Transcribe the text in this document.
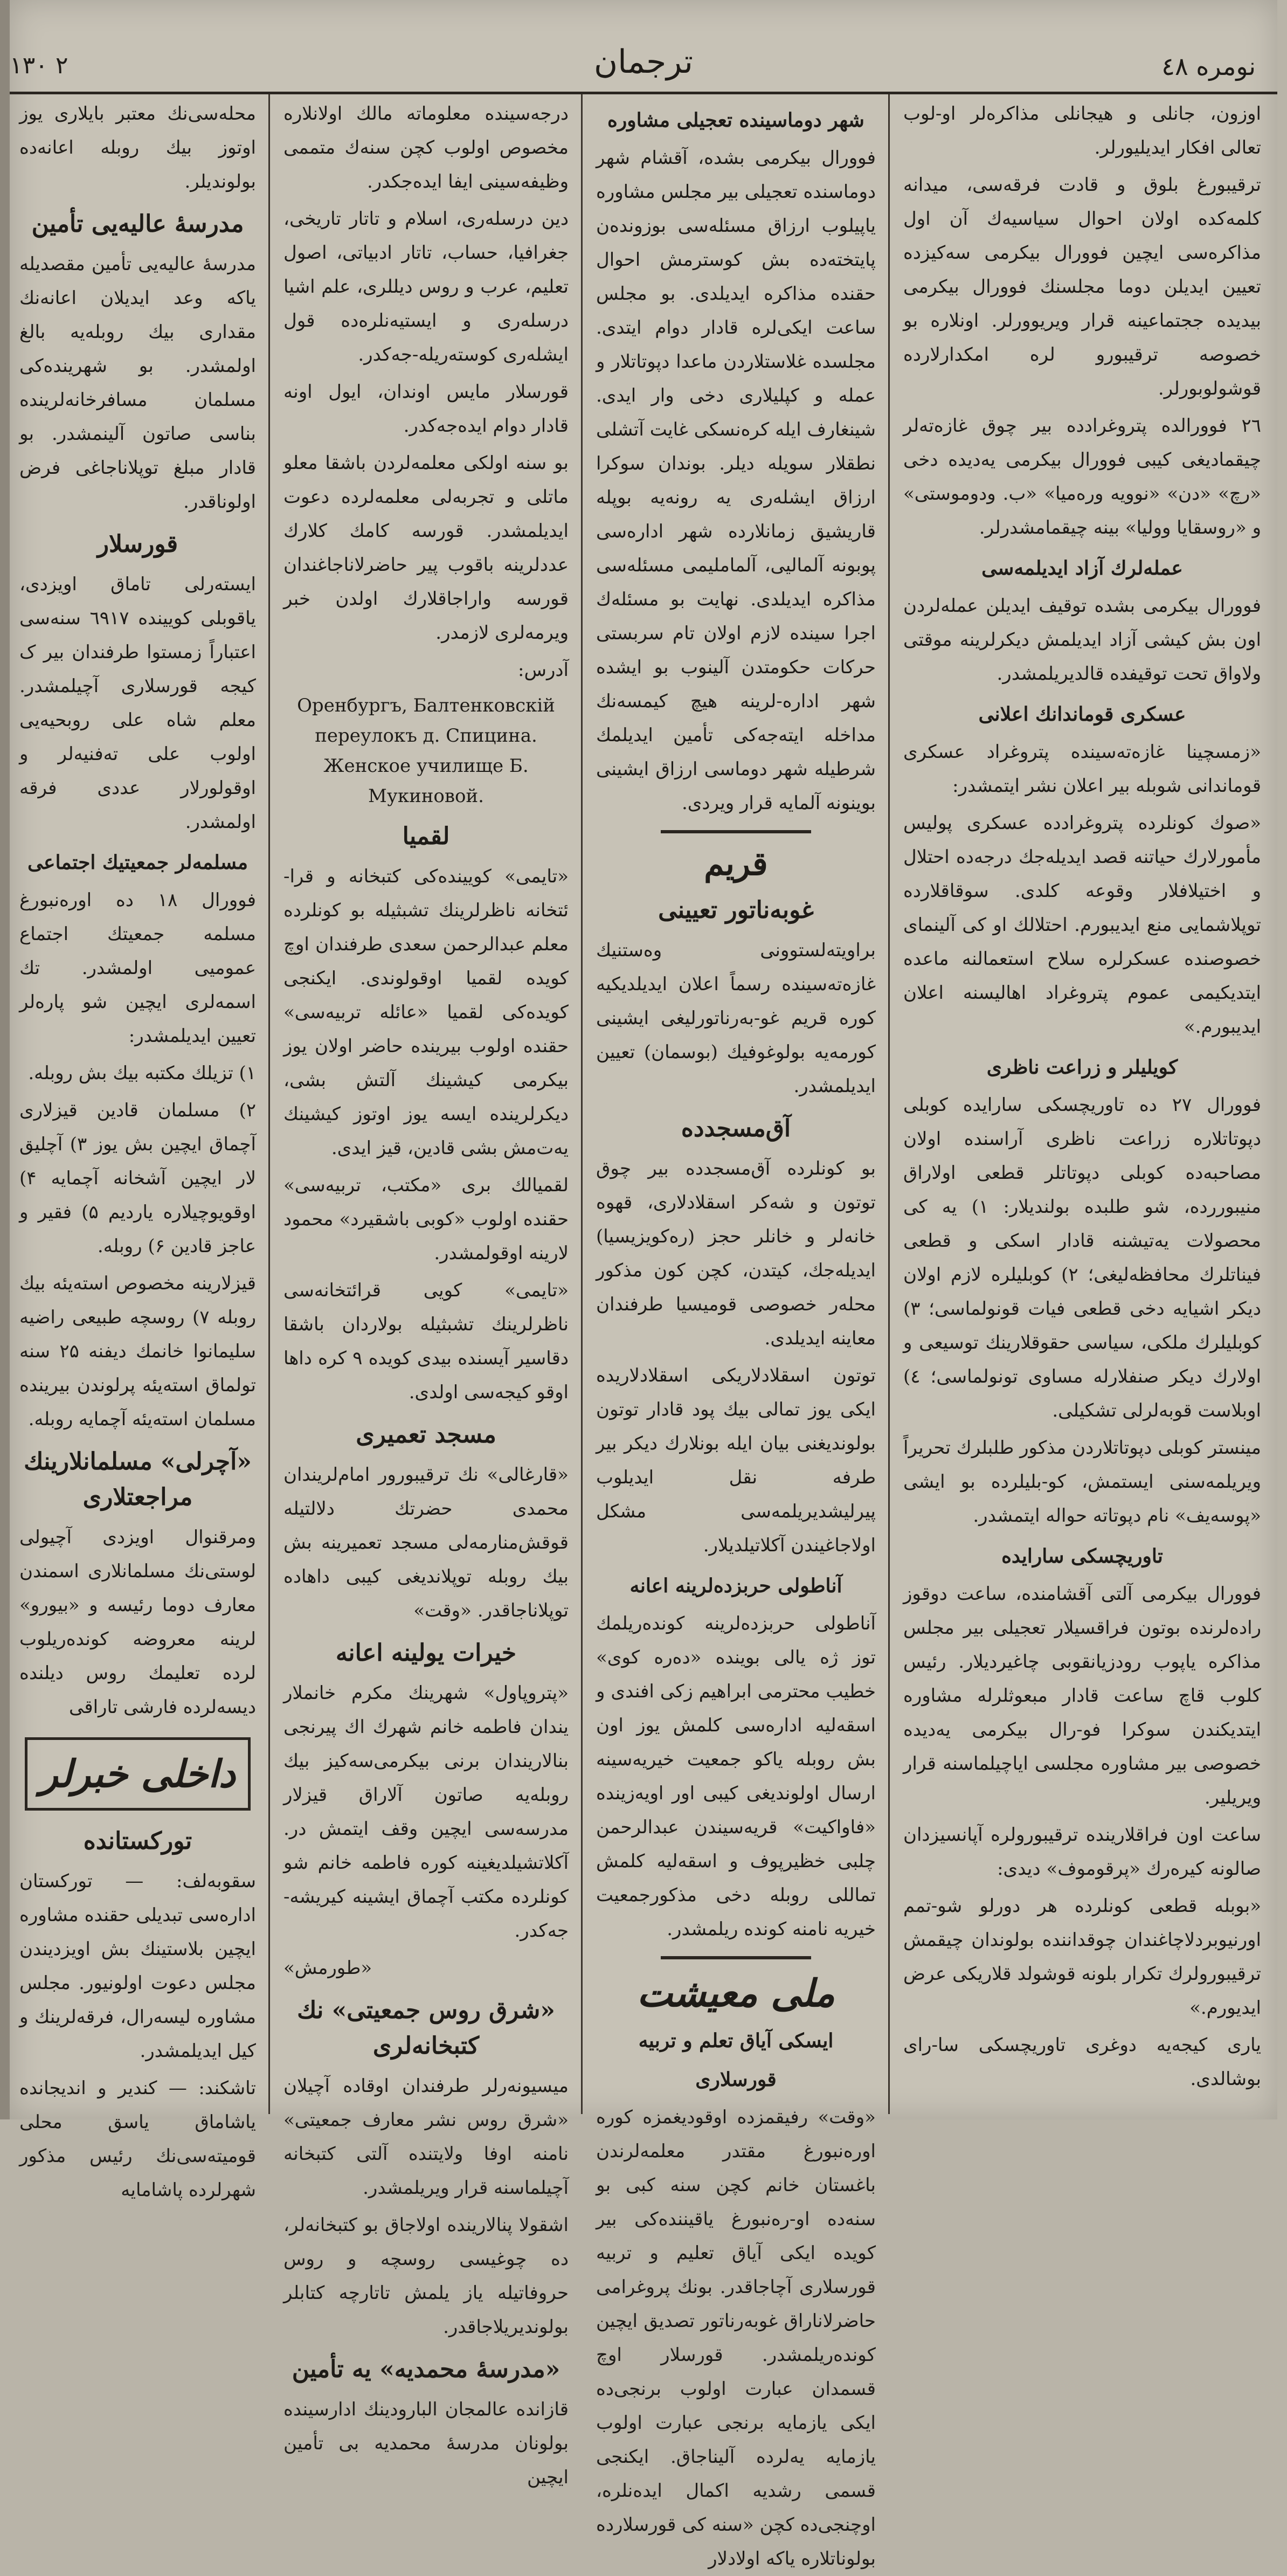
۲ ۱۳۰	ترجمان	نومره ٤٨

اوزون، جانلی و هیجانلی مذاکره‌لر او-لوب تعالی افکار ایدیلیورلر.

ترقیبورغ بلوق و قادت فرقه‌سی، میدانه کلمه‌کده اولان احوال سیاسیه‌ك آن اول مذاکره‌سی ایچین فوورال بیکرمی سه‌کیزده تعیین ایدیلن دوما مجلسنك فوورال بیکرمی بیدیده ججتماعینه قرار ویریوورلر. اونلاره بو خصوصه ترقیبورو لره امکدارلارده قوشولوبورلر.

۲٦ فوورالده پتروغرادده بیر چوق غازه‌ته‌لر چیقمادیغی کیبی فوورال بیکرمی یه‌دیده دخی «رچ» «دن» «نوو‌یه وره‌میا» «ب. ودوموستی» و «روسقایا وولیا» بینه چیقمامشدرلر.

عمله‌لرك آزاد ایدیلمه‌سی

فوورال بیکرمی بشده توقیف ایدیلن عمله‌لردن اون بش کیشی آزاد ایدیلمش دیکرلرینه موقتی ولاواق تحت توقیفده قالدیریلمشدر.

عسکری قوماندانك اعلانی

«زمسچینا غازه‌ته‌سینده پتروغراد عسکری قوماندانی شوبله بیر اعلان نشر ایتمشدر:

«صوك کونلرده پتروغراد‌ده عسکری پولیس مأمورلارك حیاتنه قصد ایدیله‌جك درجه‌ده احتلال و اختیلافلار وقوعه کلدی. سوقاقلارده توپلاشمایی منع ایدیبورم. احتلالك او کی آلینمای خصوصنده عسکرلره سلاح استعمالنه ماعده ایتدیکیمی عموم پتروغراد اهالیسنه اعلان ایدیبورم.»

کویلیلر و زراعت ناظری

فوورال ۲۷ ده تاوریچسکی سارایده کوبلی دپوتاتلاره زراعت ناظری آراسنده اولان مصاحبه‌ده کوبلی دپوتاتلر قطعی اولاراق منیبوررده، شو طلبده بولندیلار: ۱) یه کی محصولات یه‌تیشنه قادار اسکی و قطعی فیناتلرك محافظه‌لیغی؛ ۲) کوبلیلره لازم اولان دیکر اشیایه دخی قطعی فیات قونولماسی؛ ۳) کوبلیلرك ملکی، سیاسی حقوقلارینك توسیعی و اولارك دیکر صنفلارله مساوی تونولماسی؛ ٤) اوبلاست قوبه‌لرلی تشکیلی.

مینستر کوبلی دپوتاتلاردن مذکور طلبلرك تحریراً ویریلمه‌سنی ایستمش، کو-بلیلرده بو ایشی «پوسه‌یف» نام دپوتاته حواله ایتمشدر.

تاوریچسکی سارایده

فوورال بیکرمی آلتی آقشامنده، ساعت دوقوز راده‌لرنده بوتون فراقسیلار تعجیلی بیر مجلس مذاکره یاپوب رودزیانقوبی چاغیردیلار. رئیس کلوب قاچ ساعت قادار مبعوثلرله مشاوره ایتدیکندن سوکرا فو-رال بیکرمی یه‌دیده خصوصی بیر مشاوره مجلسی ایاچیلماسنه قرار ویریلیر.

ساعت اون فراقلارینده ترقیبورولره آپانسیزدان صالونه کیره‌رك «پرقوموف» دیدی:

«بوبله قطعی کونلرده هر دورلو شو-تمم اورنیوبردلاچاغندان چوقداننده بولوندان چیقمش ترقیبورولرك تکرار بلونه قوشولد قلاریکی عرض ایدیورم.»

یاری کیجه‌یه دوغری تاوریچسکی سا-رای بوشالدی.

شهر دوماسینده تعجیلی مشاوره

فوورال بیکرمی بشده، آقشام شهر دوماسنده تعجیلی بیر مجلس مشاوره یاپیلوب ارزاق مسئله‌سی بوزونده‌ن پایتخته‌ده بش کوسترمش احوال حقنده مذاکره ایدیلدی. بو مجلس ساعت ایکی‌لره قادار دوام ایتدی. مجلسده غلاستلاردن ماعدا دپوتاتلار و عمله و کپلیلاری دخی وار ایدی. شینغارف ایله کره‌نسکی غایت آتشلی نطقلار سویله دیلر. بوندان سوکرا ارزاق ایشله‌ری یه رونه‌یه بوپله قاریشیق زمانلارده شهر اداره‌سی پوبونه آلمالیی، آلماملیمی مسئله‌سی مذاکره ایدیلدی. نهایت بو مسئله‌ك اجرا سینده لازم اولان تام سربستی حرکات حکومتدن آلینوب بو ایشده شهر اداره-لرینه هیچ کیمسه‌نك مداخله ایته‌جه‌کی تأمین ایدیلمك شرطیله شهر دوماسی ارزاق ایشینی بوینونه آلمایه قرار ویردی.

قریم
غوبه‌ناتور تعیینی

براویته‌لستوونی وه‌ستنیك غازه‌ته‌سینده رسماً اعلان ایدیلدیکیه کوره قریم غو-به‌رناتورلیغی ایشینی کورمه‌یه بولوغوفیك (بوسمان) تعیین ایدیلمشدر.

آق‌مسجدده

بو کونلرده آق‌مسجدده بیر چوق توتون و شه‌کر اسقلادلاری، قهوه خانه‌لر و خانلر حجز (ره‌کویزیسیا) ایدیله‌جك، کیتدن، کچن کون مذکور محله‌ر خصوصی قومیسیا طرفندان معاینه ایدیلدی.

توتون اسقلادلاریکی اسقلادلاریده ایکی یوز تمالی بیك پود قادار توتون بولوندیغنی بیان ایله بونلارك دیکر بیر طرفه نقل ایدیلوب پیرلیشدیریلمه‌سی مشکل اولاجاغیندن آکلاتیلدیلار.

آناطولی حربزده‌لرینه اعانه

آناطولی حربزده‌لرینه کونده‌ریلمك توز ژه یالی بوینده «ده‌ره کوی» خطیب محترمی ابراهیم زکی افندی و اسقه‌لیه اداره‌سی کلمش یوز اون بش روبله یاکو جمعیت خیریه‌سینه ارسال اولوندیغی کیبی اور اویه‌زینده «فاواکیت» قریه‌سیندن عبدالرحمن چلبی خظیرپوف و اسقه‌لیه کلمش تماللی روبله دخی مذکورجمعیت خیریه نامنه کونده‌ ریلمشدر.

ملی معیشت
ایسکی آیاق تعلم و تربیه
قورسلاری

«وقت» رفیقمزده اوقودیغمزه کوره اوره‌نبورغ مقتدر معلمه‌لرندن باغستان خانم کچن سنه کبی بو سنه‌ده او-ره‌نبورغ یاقیننده‌کی بیر کویده ایکی آیاق تعلیم و تربیه قورسلاری آچاجاقدر. بونك پروغرامی حاضرلاناراق غوبه‌رناتور تصدیق ایچین کونده‌ریلمشدر. قورسلار اوچ قسمدان عبارت اولوب برنجی‌ده ایکی یازمایه برنجی عبارت اولوب یازمایه یه‌لرده آلیناجاق. ایکنجی قسمی رشدیه اکمال ایده‌نلره، اوچنجی‌ده کچن «سنه کی قورسلارده بولوناتلاره یاکه اولادلار

درجه‌سینده معلوماته مالك اولانلاره مخصوص اولوب کچن سنه‌ك متممی وظیفه‌سینی ایفا ایده‌جکدر.

دین درسله‌ری، اسلام و تاتار تاریخی، جغرافیا، حساب، تاتار ادبیاتی، اصول تعلیم، عرب و روس دیللری، علم اشیا درسله‌ری و ایستیه‌نلره‌ده قول ایشله‌ری کوسته‌ریله-جه‌کدر.

قورسلار مایس اوندان، ایول اونه قادار دوام ایده‌جه‌کدر.

بو سنه اولکی معلمه‌لردن باشقا معلو ماتلی و تجربه‌لی معلمه‌لرده دعوت ایدیلمشدر. قورسه کامك کلارك عددلرینه باقوب پیر حاضرلاناجاغندان قورسه واراجاقلارك اولدن خبر ویرمه‌لری لازمدر.

آدرس:

Оренбургъ, Балтенковскій переулокъ д. Спицина. Женское училище Б. Мукиновой.
لقمیا

«تایمی» کویینده‌کی کتبخانه و قرا-ئتخانه ناظرلرینك تشبثیله بو کونلرده معلم عبدالرحمن سعدی طرفندان اوچ کویده لقمیا اوقولوندی. ایکنجی کویده‌کی لقمیا «عائله تربیه‌سی» حقنده اولوب بیرینده حاضر اولان یوز بیکرمی کیشینك آلتش بشی، دیکرلرینده ایسه یوز اوتوز کیشینك یه‌ت‌مش بشی قادین، قیز ایدی.

لقمیالك بری «مکتب، تربیه‌سی» حقنده اولوب «کوبی باشقیرد» محمود لارینه اوقولمشدر.

«تایمی» کویی قرائتخانه‌سی ناظرلرینك تشبثیله بولاردان باشقا دقاسیر آیسنده بیدی کویده ۹ کره داها اوقو کیجه‌سی اولدی.

مسجد تعمیری

«قارغالی» نك ترقیبورور امام‌لریندان محمدی حضرتك دلالتیله قوقش‌منار‌مه‌لی مسجد تعمیرینه بش بیك روبله توپلاندیغی کیبی داهاده توپلاناجاقدر. «وقت»

خیرات یولینه اعانه

«پتروپاول» شهرینك مکرم خانملار یندان فاطمه خانم شهرك اك پیرنجی بنالاریندان برنی بیکرمی‌سه‌کیز بیك روبله‌یه صاتون آلاراق قیزلار مدرسه‌سی ایچین وقف ایتمش در. آکلاتشیلدیغینه کوره فاطمه خانم شو کونلرده مکتب آچماق ایشینه کیریشه-جه‌کدر.

«طورمش»

«شرق روس جمعیتی» نك کتبخانه‌لری

میسیونه‌رلر طرفندان اوقاده آچیلان «شرق روس نشر معارف جمعیتی» نامنه اوفا ولایتنده آلتی کتبخانه آچیلماسنه قرار ویریلمشدر.

اشقولا پنالارینده اولاجاق بو کتبخانه‌لر، ده چوغیسی روسچه و روس حروفاتیله یاز یلمش تاتارچه کتابلر بولوندیریلاجاقدر.

«مدرسهٔ محمدیه» یه تأمین

قازانده عالمجان البارودینك ادارسینده بولونان مدرسه‌ٔ محمدیه بی تأمین ایچین

محله‌سی‌نك معتبر بایلاری یوز اوتوز بیك روبله اعانه‌ده بولوندیلر.

مدرسهٔ عالیه‌یی تأمین

مدرسهٔ عالیه‌یی تأمین مقصدیله یاکه وعد ایدیلان اعانه‌نك مقداری بیك روبله‌یه بالغ اولمشدر. بو شهرینده‌کی مسلمان مسافرخانه‌لرینده بناسی صاتون آلینمشدر. بو قادار مبلغ توپلاناجاغی فرض اولوناقدر.

قورسلار

ایسته‌رلی تاماق اویزدی، یاقوبلی کویینده ٦٩١٧ سنه‌سی اعتباراً زمستوا طرفندان بیر ک کیجه قورسلاری آچیلمشدر. معلم شاه علی روبحیه‌یی اولوب علی ته‌فنیه‌لر و اوقولورلار عددی فرقه اولمشدر.

مسلمه‌لر جمعیتیك اجتماعی

فوورال ۱۸ ده اوره‌نبورغ مسلمه جمعیتك اجتماع عمومیی اولمشدر. تك اسمه‌لری ایچین شو پاره‌لر تعیین ایدیلمشدر:

۱) تزیلك مکتبه بیك بش روبله.

۲) مسلمان قادین قیزلاری آچماق ایچین بش یوز ۳) آچلیق لار ایچین آشخانه آچمایه ۴) اوقویوچیلاره یاردیم ۵) فقیر و عاجز قادین ۶) روبله.

قیزلارینه مخصوص استه‌یئه بیك روبله ۷) روسچه طبیعی راضیه سلیمانوا خانمك دیفنه ۲۵ سنه تولماق استه‌یئه پرلوندن بیرینده مسلمان استه‌یئه آچمایه روبله.

«آچرلی» مسلمانلارینك مراجعتلاری

ومرقنوال اویزدی آچیولی لوستی‌نك مسلمانلاری اسمندن معارف دوما رئیسه و «بیورو» لرینه معروضه کونده‌ریلوب لرده تعلیمك روس دیلنده دیسه‌لرده فارشی تاراقی

داخلی خبرلر
تورکستانده

سقوبه‌لف: — تورکستان اداره‌سی تبدیلی حقنده مشاوره ایچین بلاستینك بش اویزدیندن مجلس دعوت اولونیور. مجلس مشاوره لیسه‌رال، فرقه‌لرینك و کیل ایدیلمشدر.

تاشکند: — کندیر و اندیجانده یاشاماق یاسق محلی قومیته‌سی‌نك رئیس مذکور شهرلرده پاشامایه
